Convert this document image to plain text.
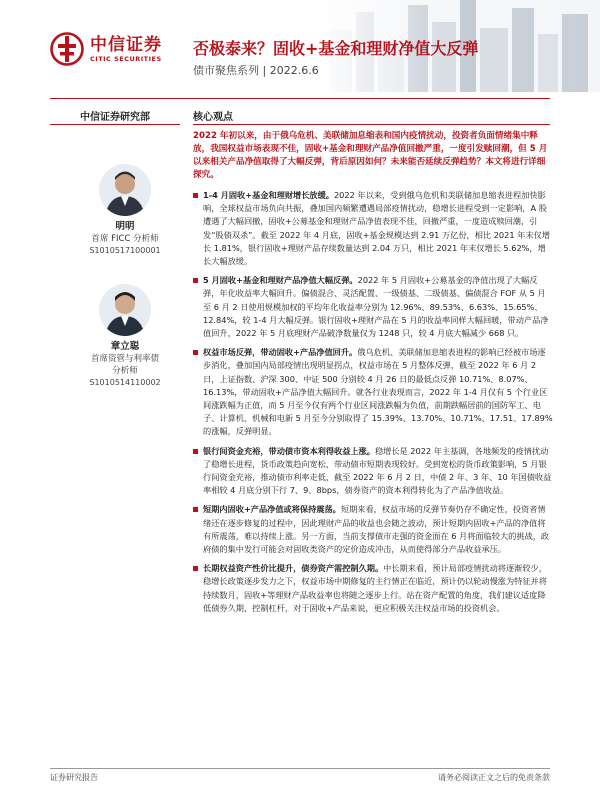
中信证券
CITIC SECURITIES
否极泰来？固收+基金和理财净值大反弹
债市聚焦系列 | 2022.6.6
中信证券研究部	核心观点
明明
首席 FICC 分析师
S1010517100001
章立聪
首席资管与利率债
分析师
S1010514110002

2022 年初以来，由于俄乌危机、美联储加息缩表和国内疫情扰动，投资者负面情绪集中释放，我国权益市场表现不佳，固收+基金和理财产品净值回撤严重，一度引发赎回潮，但 5 月以来相关产品净值取得了大幅反弹，背后原因如何？未来能否延续反弹趋势？本文将进行详细探究。

1-4 月固收+基金和理财增长放缓。2022 年以来，受到俄乌危机和美联储加息缩表进程加快影响，全球权益市场负向共振，叠加国内频繁遭遇局部疫情扰动，稳增长进程受到一定影响，A 股遭遇了大幅回撤，固收+公募基金和理财产品净值表现不佳，回撤严重，一度造成赎回潮，引发“股债双杀”。截至 2022 年 4 月底，固收+基金规模达到 2.91 万亿份，相比 2021 年末仅增长 1.81%，银行固收+理财产品存续数量达到 2.04 万只，相比 2021 年末仅增长 5.62%，增长大幅放缓。
5 月固收+基金和理财产品净值大幅反弹。2022 年 5 月固收+公募基金的净值出现了大幅反弹，年化收益率大幅回升。偏债混合、灵活配置、一级债基、二级债基、偏债混合 FOF 从 5 月至 6 月 2 日使用规模加权的平均年化收益率分别为 12.96%、89.53%、6.63%、15.65%、12.84%，较 1-4 月大幅反弹。银行固收+理财产品在 5 月的收益率同样大幅回暖，带动产品净值回升，2022 年 5 月底理财产品破净数量仅为 1248 只，较 4 月底大幅减少 668 只。
权益市场反弹，带动固收+产品净值回升。俄乌危机、美联储加息缩表进程的影响已经被市场逐步消化，叠加国内局部疫情出现明显拐点，权益市场在 5 月整体反弹，截至 2022 年 6 月 2 日，上证指数、沪深 300、中证 500 分别较 4 月 26 日的最低点反弹 10.71%、8.07%、16.13%，带动固收+产品净值大幅回升。就各行业表现而言，2022 年 1-4 月仅有 5 个行业区间涨跌幅为正值，而 5 月至今仅有两个行业区间涨跌幅为负值，前期跌幅居前的国防军工、电子、计算机、机械和电新 5 月至今分别取得了 15.39%、13.70%、10.71%、17.51、17.89% 的涨幅，反弹明显。
银行间资金充裕，带动债市资本利得收益上涨。稳增长是 2022 年主基调，各地频发的疫情扰动了稳增长进程，货币政策趋向宽松，带动债市短期表现较好。受到宽松的货币政策影响，5 月银行间资金充裕，推动债市利率走低，截至 2022 年 6 月 2 日，中债 2 年、3 年、10 年国债收益率相较 4 月底分别下行 7、9、8bps，债券资产的资本利得转化为了产品净值收益。
短期内固收+产品净值或将保持震荡。短期来看，权益市场的反弹节奏仍存不确定性，投资者情绪还在逐步修复的过程中，因此理财产品的收益也会随之波动，预计短期内固收+产品的净值将有所震荡，难以持续上涨。另一方面，当前支撑债市走强的资金面在 6 月将面临较大的挑战，政府债的集中发行可能会对固收类资产的定价造成冲击，从而使得部分产品收益承压。
长期权益资产性价比提升，债券资产需控制久期。中长期来看，预计局部疫情扰动将逐渐较少，稳增长政策逐步发力之下，权益市场中期修复的主行情正在临近，预计仍以轮动慢涨为特征并将持续数月，固收+等理财产品收益率也将随之逐步上行。站在资产配置的角度，我们建议适度降低债券久期，控制杠杆，对于固收+产品来说，更应积极关注权益市场的投资机会。
证券研究报告	请务必阅读正文之后的免责条款
